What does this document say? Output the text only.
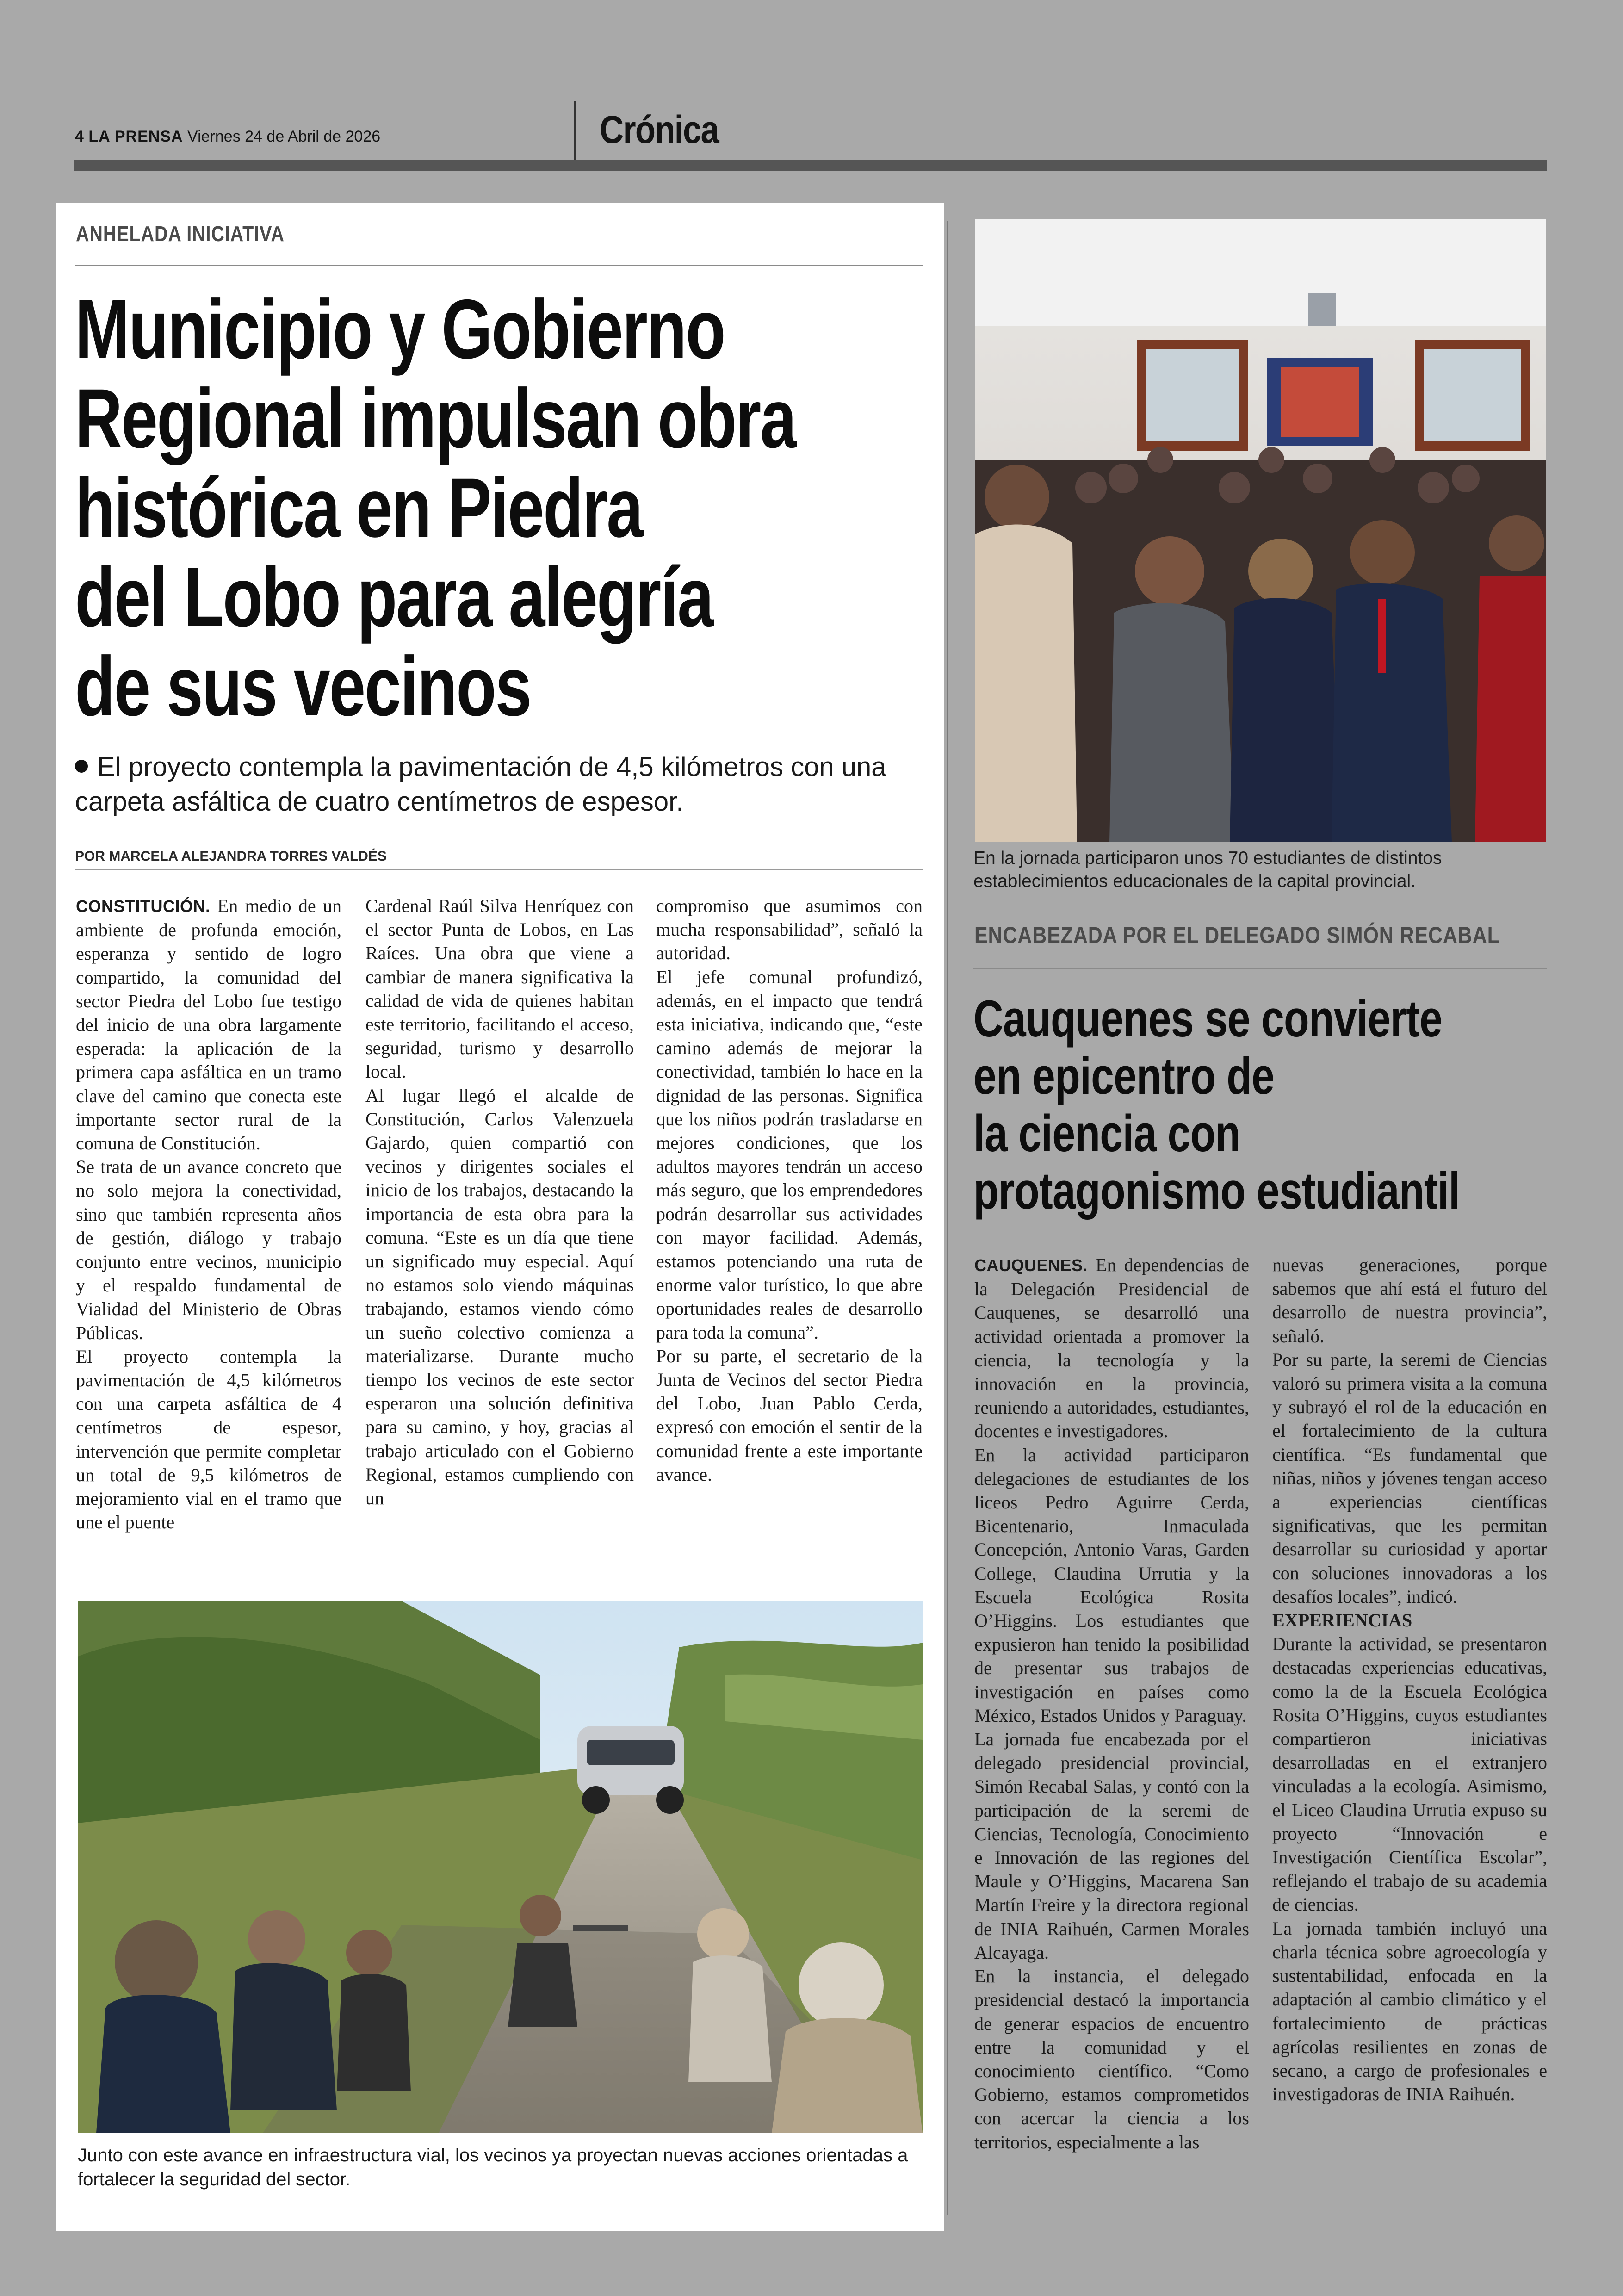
4 LA PRENSA Viernes 24 de Abril de 2026	Crónica
ANHELADA INICIATIVA
Municipio y Gobierno
Regional impulsan obra
histórica en Piedra
del Lobo para alegría
de sus vecinos
El proyecto contempla la pavimentación de 4,5 kilómetros con una carpeta asfáltica de cuatro centímetros de espesor.
POR MARCELA ALEJANDRA TORRES VALDÉS

CONSTITUCIÓN. En medio de un ambiente de profunda emoción, esperanza y sentido de logro compartido, la comunidad del sector Piedra del Lobo fue testigo del inicio de una obra largamente esperada: la aplicación de la primera capa asfáltica en un tramo clave del camino que conecta este importante sector rural de la comuna de Constitución.

Se trata de un avance concreto que no solo mejora la conectividad, sino que también representa años de gestión, diálogo y trabajo conjunto entre vecinos, municipio y el respaldo fundamental de Vialidad del Ministerio de Obras Públicas.

El proyecto contempla la pavimentación de 4,5 kilómetros con una carpeta asfáltica de 4 centímetros de espesor, intervención que permite completar un total de 9,5 kilómetros de mejoramiento vial en el tramo que une el puente

Cardenal Raúl Silva Henríquez con el sector Punta de Lobos, en Las Raíces. Una obra que viene a cambiar de manera significativa la calidad de vida de quienes habitan este territorio, facilitando el acceso, seguridad, turismo y desarrollo local.

Al lugar llegó el alcalde de Constitución, Carlos Valenzuela Gajardo, quien compartió con vecinos y dirigentes sociales el inicio de los trabajos, destacando la importancia de esta obra para la comuna. “Este es un día que tiene un significado muy especial. Aquí no estamos solo viendo máquinas trabajando, estamos viendo cómo un sueño colectivo comienza a materializarse. Durante mucho tiempo los vecinos de este sector esperaron una solución definitiva para su camino, y hoy, gracias al trabajo articulado con el Gobierno Regional, estamos cumpliendo con un

compromiso que asumimos con mucha responsabilidad”, señaló la autoridad.

El jefe comunal profundizó, además, en el impacto que tendrá esta iniciativa, indicando que, “este camino además de mejorar la conectividad, también lo hace en la dignidad de las personas. Significa que los niños podrán trasladarse en mejores condiciones, que los adultos mayores tendrán un acceso más seguro, que los emprendedores podrán desarrollar sus actividades con mayor facilidad. Además, estamos potenciando una ruta de enorme valor turístico, lo que abre oportunidades reales de desarrollo para toda la comuna”.

Por su parte, el secretario de la Junta de Vecinos del sector Piedra del Lobo, Juan Pablo Cerda, expresó con emoción el sentir de la comunidad frente a este importante avance.

Junto con este avance en infraestructura vial, los vecinos ya proyectan nuevas acciones orientadas a fortalecer la seguridad del sector.
En la jornada participaron unos 70 estudiantes de distintos establecimientos educacionales de la capital provincial.
ENCABEZADA POR EL DELEGADO SIMÓN RECABAL
Cauquenes se convierte
en epicentro de
la ciencia con
protagonismo estudiantil

CAUQUENES. En dependencias de la Delegación Presidencial de Cauquenes, se desarrolló una actividad orientada a promover la ciencia, la tecnología y la innovación en la provincia, reuniendo a autoridades, estudiantes, docentes e investigadores.

En la actividad participaron delegaciones de estudiantes de los liceos Pedro Aguirre Cerda, Bicentenario, Inmaculada Concepción, Antonio Varas, Garden College, Claudina Urrutia y la Escuela Ecológica Rosita O’Higgins. Los estudiantes que expusieron han tenido la posibilidad de presentar sus trabajos de investigación en países como México, Estados Unidos y Paraguay.

La jornada fue encabezada por el delegado presidencial provincial, Simón Recabal Salas, y contó con la participación de la seremi de Ciencias, Tecnología, Conocimiento e Innovación de las regiones del Maule y O’Higgins, Macarena San Martín Freire y la directora regional de INIA Raihuén, Carmen Morales Alcayaga.

En la instancia, el delegado presidencial destacó la importancia de generar espacios de encuentro entre la comunidad y el conocimiento científico. “Como Gobierno, estamos comprometidos con acercar la ciencia a los territorios, especialmente a las

nuevas generaciones, porque sabemos que ahí está el futuro del desarrollo de nuestra provincia”, señaló.

Por su parte, la seremi de Ciencias valoró su primera visita a la comuna y subrayó el rol de la educación en el fortalecimiento de la cultura científica. “Es fundamental que niñas, niños y jóvenes tengan acceso a experiencias científicas significativas, que les permitan desarrollar su curiosidad y aportar con soluciones innovadoras a los desafíos locales”, indicó.

EXPERIENCIAS

Durante la actividad, se presentaron destacadas experiencias educativas, como la de la Escuela Ecológica Rosita O’Higgins, cuyos estudiantes compartieron iniciativas desarrolladas en el extranjero vinculadas a la ecología. Asimismo, el Liceo Claudina Urrutia expuso su proyecto “Innovación e Investigación Científica Escolar”, reflejando el trabajo de su academia de ciencias.

La jornada también incluyó una charla técnica sobre agroecología y sustentabilidad, enfocada en la adaptación al cambio climático y el fortalecimiento de prácticas agrícolas resilientes en zonas de secano, a cargo de profesionales e investigadoras de INIA Raihuén.
